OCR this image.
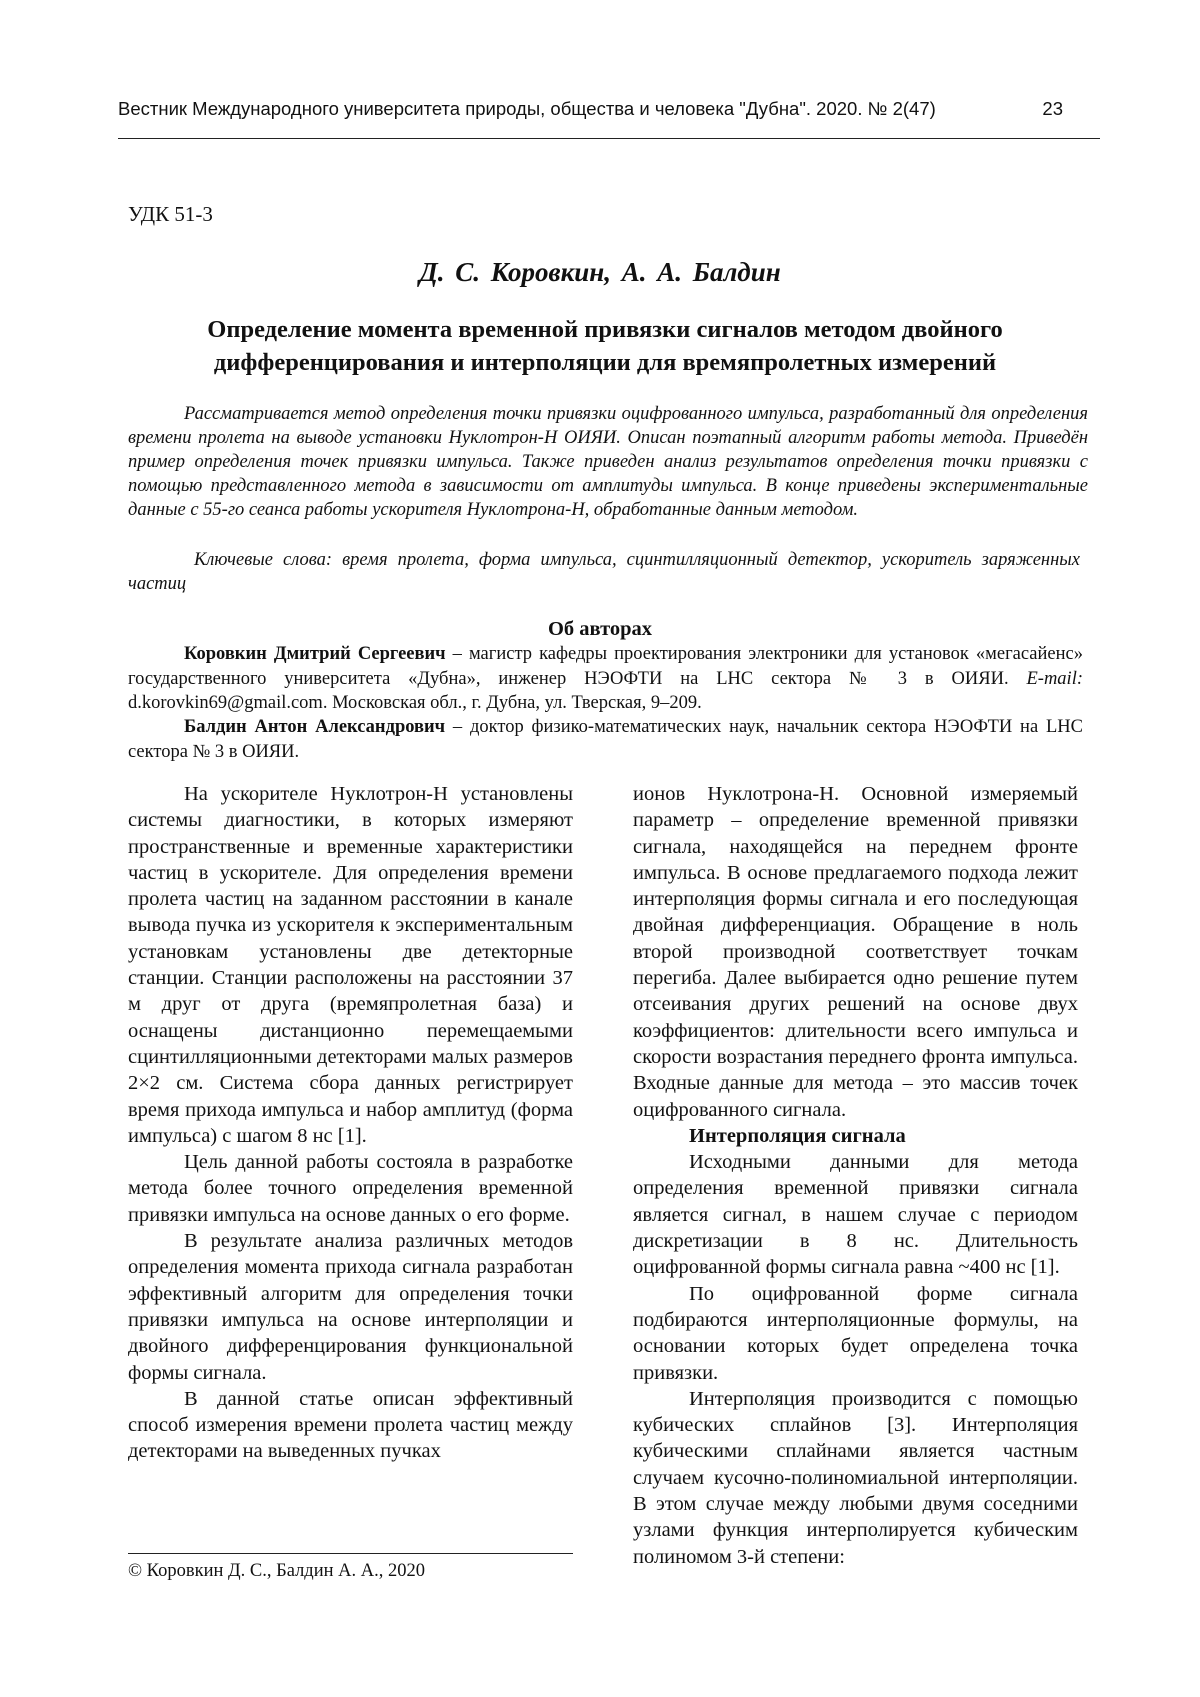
Вестник Международного университета природы, общества и человека "Дубна". 2020. № 2(47)	23
УДК 51-3
Д. С. Коровкин, А. А. Балдин
Определение момента временной привязки сигналов методом двойного дифференцирования и интерполяции для времяпролетных измерений

Рассматривается метод определения точки привязки оцифрованного импульса, разработанный для определения времени пролета на выводе установки Нуклотрон-Н ОИЯИ. Описан поэтапный алгоритм работы метода. Приведён пример определения точек привязки импульса. Также приведен анализ результатов определения точки привязки с помощью представленного метода в зависимости от амплитуды импульса. В конце приведены экспериментальные данные с 55-го сеанса работы ускорителя Нуклотрона-Н, обработанные данным методом.

Ключевые слова: время пролета, форма импульса, сцинтилляционный детектор, ускоритель заряженных частиц

Об авторах

Коровкин Дмитрий Сергеевич – магистр кафедры проектирования электроники для установок «мегасайенс» государственного университета «Дубна», инженер НЭОФТИ на LHC сектора № 3 в ОИЯИ. E-mail: d.korovkin69@gmail.com. Московская обл., г. Дубна, ул. Тверская, 9–209.

Балдин Антон Александрович – доктор физико-математических наук, начальник сектора НЭОФТИ на LHC сектора № 3 в ОИЯИ.

На ускорителе Нуклотрон-Н установлены системы диагностики, в которых измеряют пространственные и временные характеристики частиц в ускорителе. Для определения времени пролета частиц на заданном расстоянии в канале вывода пучка из ускорителя к экспериментальным установкам установлены две детекторные станции. Станции расположены на расстоянии 37 м друг от друга (времяпролетная база) и оснащены дистанционно перемещаемыми сцинтилляционными детекторами малых размеров 2×2 см. Система сбора данных регистрирует время прихода импульса и набор амплитуд (форма импульса) с шагом 8 нс [1].

Цель данной работы состояла в разработке метода более точного определения временной привязки импульса на основе данных о его форме.

В результате анализа различных методов определения момента прихода сигнала разработан эффективный алгоритм для определения точки привязки импульса на основе интерполяции и двойного дифференцирования функциональной формы сигнала.

В данной статье описан эффективный способ измерения времени пролета частиц между детекторами на выведенных пучках

ионов Нуклотрона-Н. Основной измеряемый параметр – определение временной привязки сигнала, находящейся на переднем фронте импульса. В основе предлагаемого подхода лежит интерполяция формы сигнала и его последующая двойная дифференциация. Обращение в ноль второй производной соответствует точкам перегиба. Далее выбирается одно решение путем отсеивания других решений на основе двух коэффициентов: длительности всего импульса и скорости возрастания переднего фронта импульса. Входные данные для метода – это массив точек оцифрованного сигнала.

Интерполяция сигнала

Исходными данными для метода определения временной привязки сигнала является сигнал, в нашем случае с периодом дискретизации в 8 нс. Длительность оцифрованной формы сигнала равна ~400 нс [1].

По оцифрованной форме сигнала подбираются интерполяционные формулы, на основании которых будет определена точка привязки.

Интерполяция производится с помощью кубических сплайнов [3]. Интерполяция кубическими сплайнами является частным случаем кусочно-полиномиальной интерполяции. В этом случае между любыми двумя соседними узлами функция интерполируется кубическим полиномом 3-й степени:

© Коровкин Д. С., Балдин А. А., 2020
